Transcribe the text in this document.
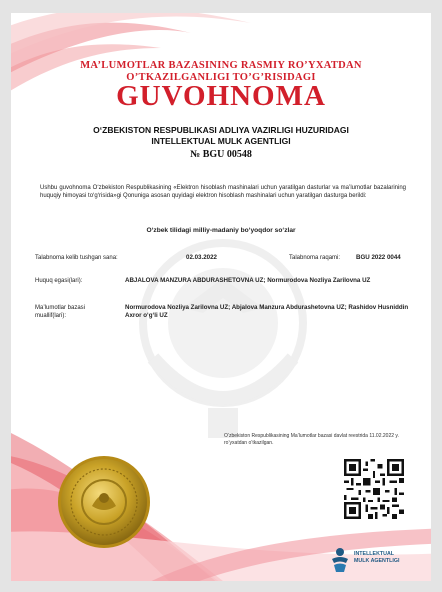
MA’LUMOTLAR BAZASINING RASMIY RO’YXATDAN
O’TKAZILGANLIGI TO’G’RISIDAGI
GUVOHNOMA
O‘ZBEKISTON RESPUBLIKASI ADLIYA VAZIRLIGI HUZURIDAGI
INTELLEKTUAL MULK AGENTLIGI
№ BGU 00548
Ushbu guvohnoma O‘zbekiston Respublikasining «Elektron hisoblash mashinalari uchun yaratilgan dasturlar va ma’lumotlar bazalarining huquqiy himoyasi to‘g‘risida»gi Qonuniga asosan quyidagi elektron hisoblash mashinalari uchun yaratilgan dasturga berildi:
O‘zbek tilidagi milliy-madaniy bo‘yoqdor so‘zlar
Talabnoma kelib tushgan sana:	02.03.2022	Talabnoma raqami:	BGU 2022 0044
Huquq egasi(lari):	ABJALOVA MANZURA ABDURASHETOVNA UZ; Normurodova Nozliya Zarilovna UZ
Ma’lumotlar bazasi
muallif(lari):
Normurodova Nozliya Zarilovna UZ; Abjalova Manzura Abdurashetovna UZ; Rashidov Husniddin Axror o‘g‘li UZ
O‘zbekiston Respublikasining Ma’lumotlar bazasi davlat reestrida 11.02.2022 y. ro‘yxatdan o‘tkazilgan.
INTELLEKTUAL
MULK AGENTLIGI
